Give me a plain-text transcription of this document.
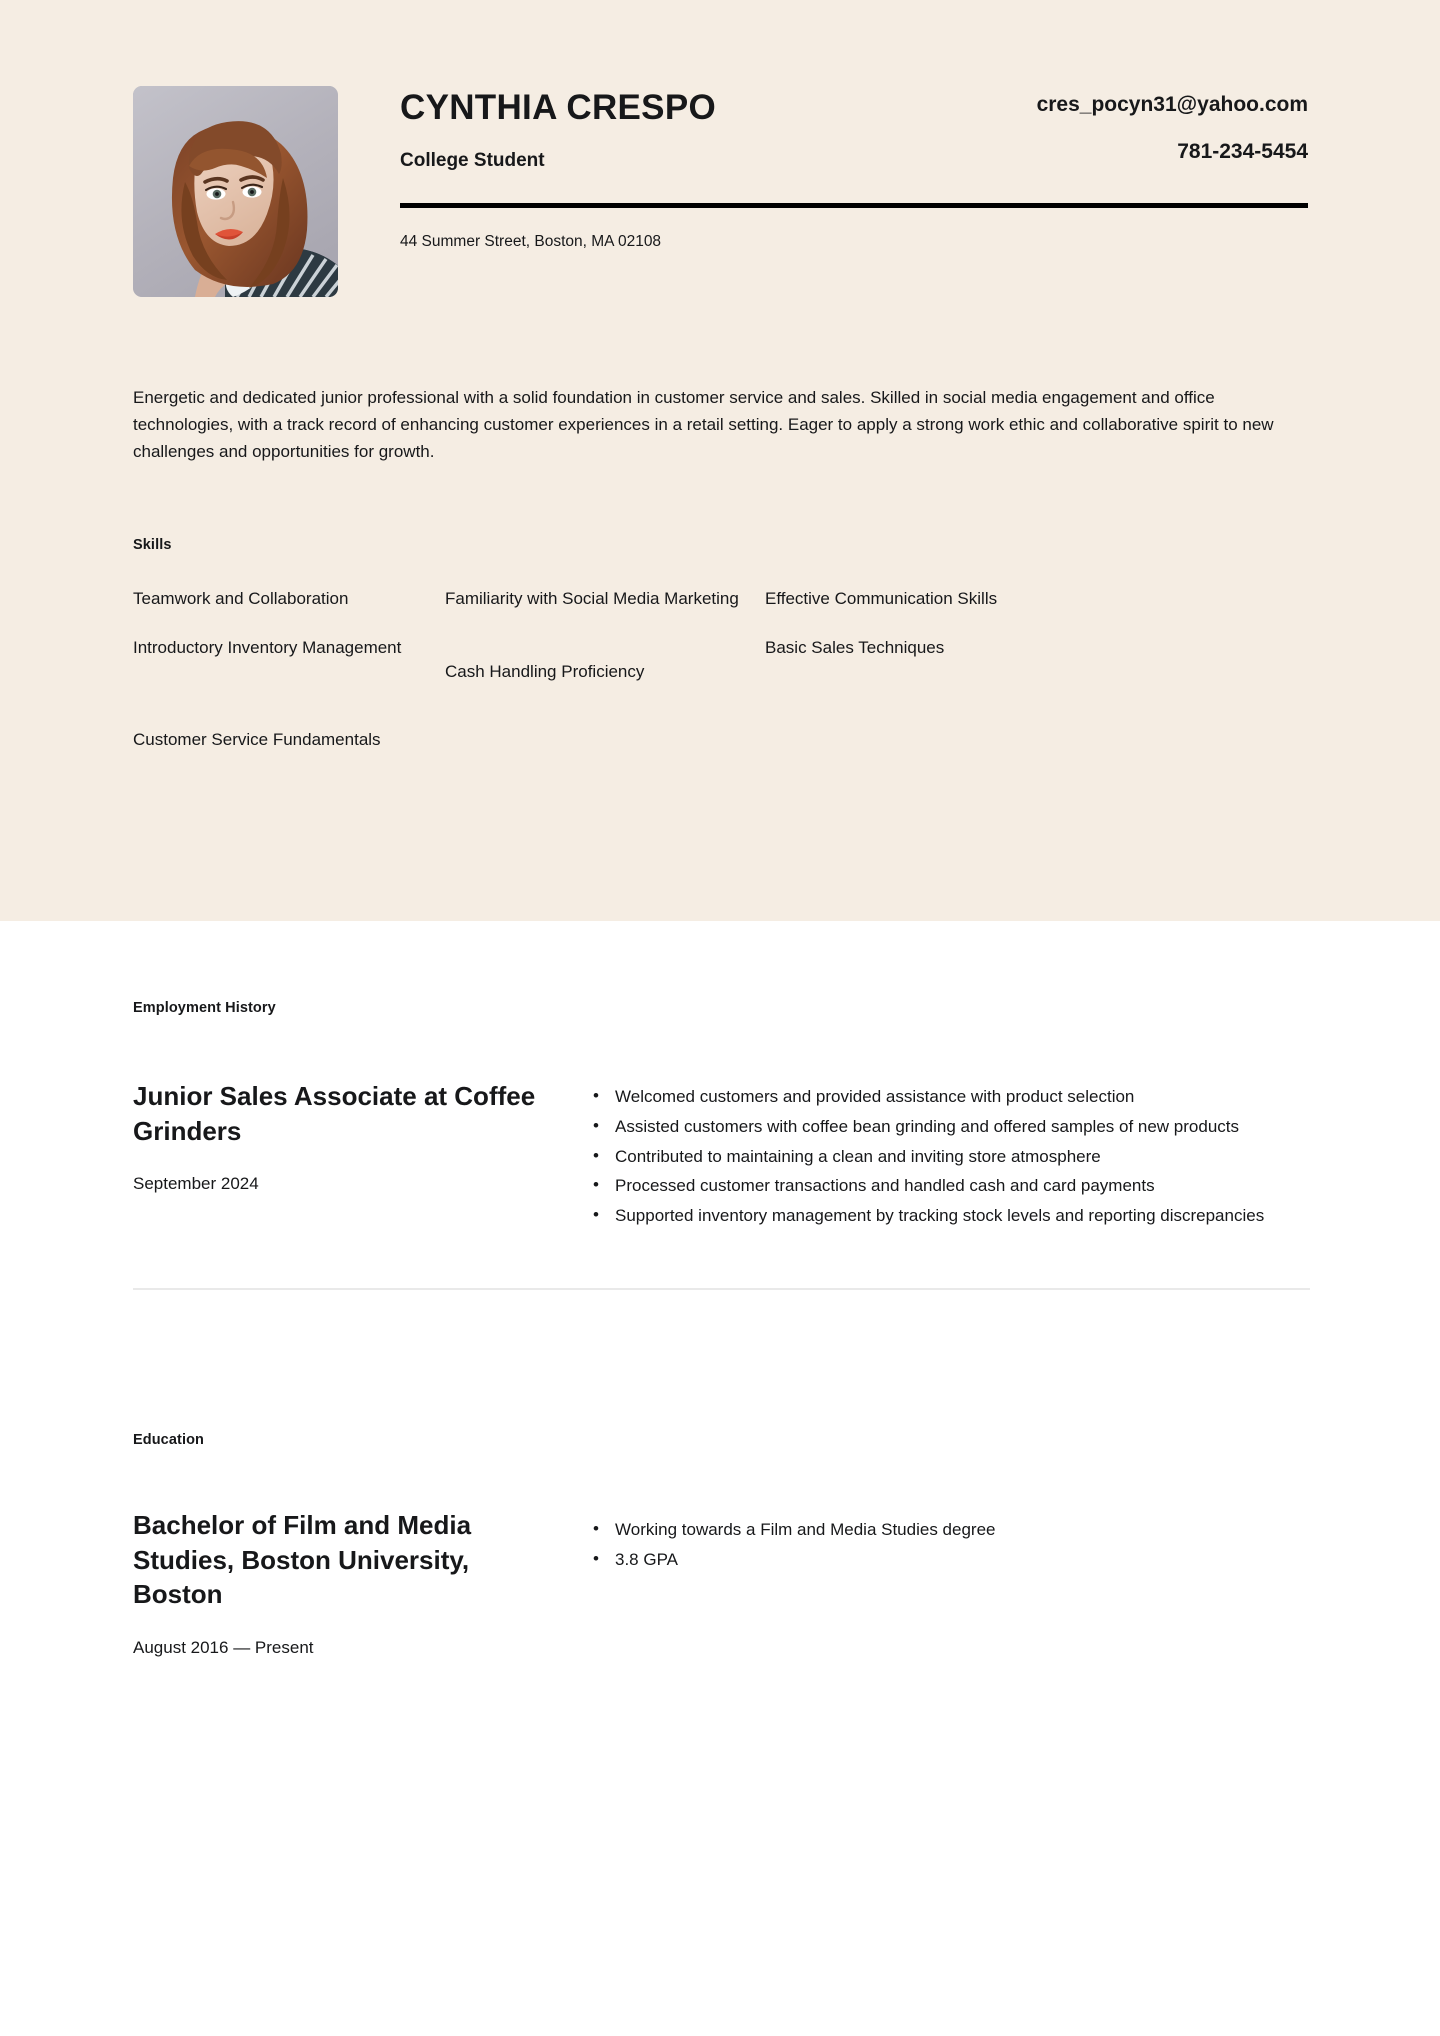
CYNTHIA CRESPO
College Student
cres_pocyn31@yahoo.com
781-234-5454
44 Summer Street, Boston, MA 02108
Energetic and dedicated junior professional with a solid foundation in customer service and sales. Skilled in social media engagement and office technologies, with a track record of enhancing customer experiences in a retail setting. Eager to apply a strong work ethic and collaborative spirit to new challenges and opportunities for growth.
Skills
Teamwork and Collaboration	Familiarity with Social Media Marketing	Effective Communication Skills
Introductory Inventory Management
Cash Handling Proficiency
Basic Sales Techniques
Customer Service Fundamentals
Employment History
Junior Sales Associate at Coffee Grinders
September 2024
• Welcomed customers and provided assistance with product selection
• Assisted customers with coffee bean grinding and offered samples of new products
• Contributed to maintaining a clean and inviting store atmosphere
• Processed customer transactions and handled cash and card payments
• Supported inventory management by tracking stock levels and reporting discrepancies
Education
Bachelor of Film and Media Studies, Boston University, Boston
August 2016 — Present
• Working towards a Film and Media Studies degree
• 3.8 GPA
